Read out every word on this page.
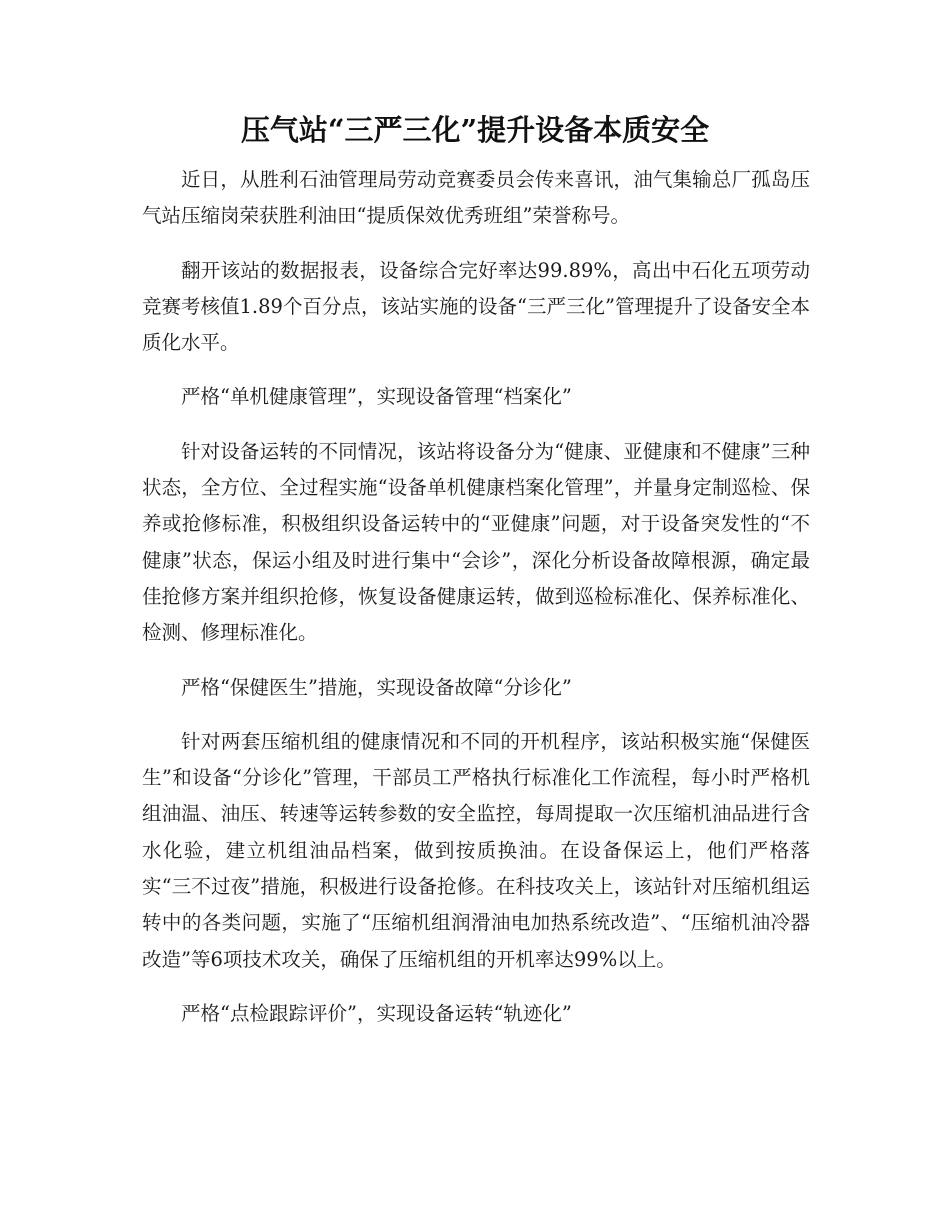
压气站“三严三化”提升设备本质安全

近日，从胜利石油管理局劳动竞赛委员会传来喜讯，油气集输总厂孤岛压气站压缩岗荣获胜利油田“提质保效优秀班组”荣誉称号。

翻开该站的数据报表，设备综合完好率达99.89%，高出中石化五项劳动竞赛考核值1.89个百分点，该站实施的设备“三严三化”管理提升了设备安全本质化水平。

严格“单机健康管理”，实现设备管理“档案化”

针对设备运转的不同情况，该站将设备分为“健康、亚健康和不健康”三种状态，全方位、全过程实施“设备单机健康档案化管理”，并量身定制巡检、保养或抢修标准，积极组织设备运转中的“亚健康”问题，对于设备突发性的“不健康”状态，保运小组及时进行集中“会诊”，深化分析设备故障根源，确定最佳抢修方案并组织抢修，恢复设备健康运转，做到巡检标准化、保养标准化、检测、修理标准化。

严格“保健医生”措施，实现设备故障“分诊化”

针对两套压缩机组的健康情况和不同的开机程序，该站积极实施“保健医生”和设备“分诊化”管理，干部员工严格执行标准化工作流程，每小时严格机组油温、油压、转速等运转参数的安全监控，每周提取一次压缩机油品进行含水化验，建立机组油品档案，做到按质换油。在设备保运上，他们严格落实“三不过夜”措施，积极进行设备抢修。在科技攻关上，该站针对压缩机组运转中的各类问题，实施了“压缩机组润滑油电加热系统改造”、“压缩机油冷器改造”等6项技术攻关，确保了压缩机组的开机率达99%以上。

严格“点检跟踪评价”，实现设备运转“轨迹化”
